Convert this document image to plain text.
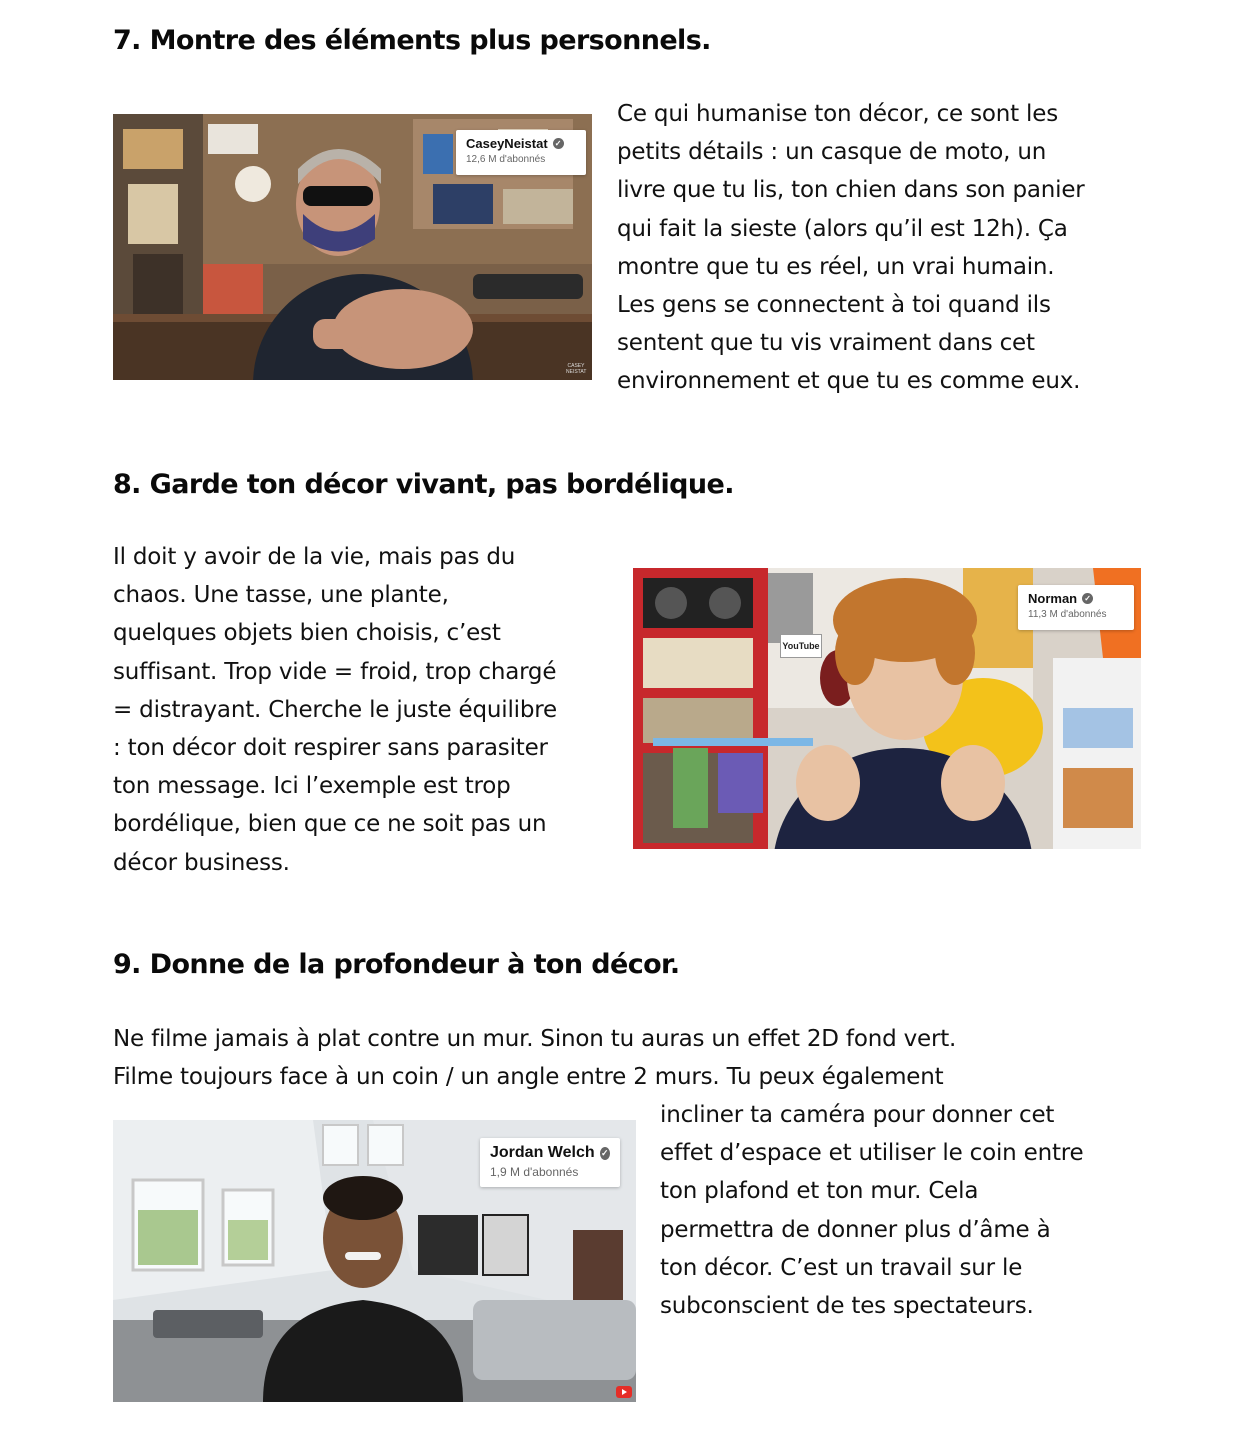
7. Montre des éléments plus personnels.
CaseyNeistat ✓
12,6 M d'abonnés
CASEY NEISTAT
Ce qui humanise ton décor, ce sont les
petits détails : un casque de moto, un
livre que tu lis, ton chien dans son panier
qui fait la sieste (alors qu’il est 12h). Ça
montre que tu es réel, un vrai humain.
Les gens se connectent à toi quand ils
sentent que tu vis vraiment dans cet
environnement et que tu es comme eux.
8. Garde ton décor vivant, pas bordélique.
Il doit y avoir de la vie, mais pas du
chaos. Une tasse, une plante,
quelques objets bien choisis, c’est
suffisant. Trop vide = froid, trop chargé
= distrayant. Cherche le juste équilibre
: ton décor doit respirer sans parasiter
ton message. Ici l’exemple est trop
bordélique, bien que ce ne soit pas un
décor business.
YouTube
Norman ✓
11,3 M d'abonnés
9. Donne de la profondeur à ton décor.
Ne filme jamais à plat contre un mur. Sinon tu auras un effet 2D fond vert.
Filme toujours face à un coin / un angle entre 2 murs. Tu peux également
Jordan Welch ✓
1,9 M d'abonnés
incliner ta caméra pour donner cet
effet d’espace et utiliser le coin entre
ton plafond et ton mur. Cela
permettra de donner plus d’âme à
ton décor. C’est un travail sur le
subconscient de tes spectateurs.
